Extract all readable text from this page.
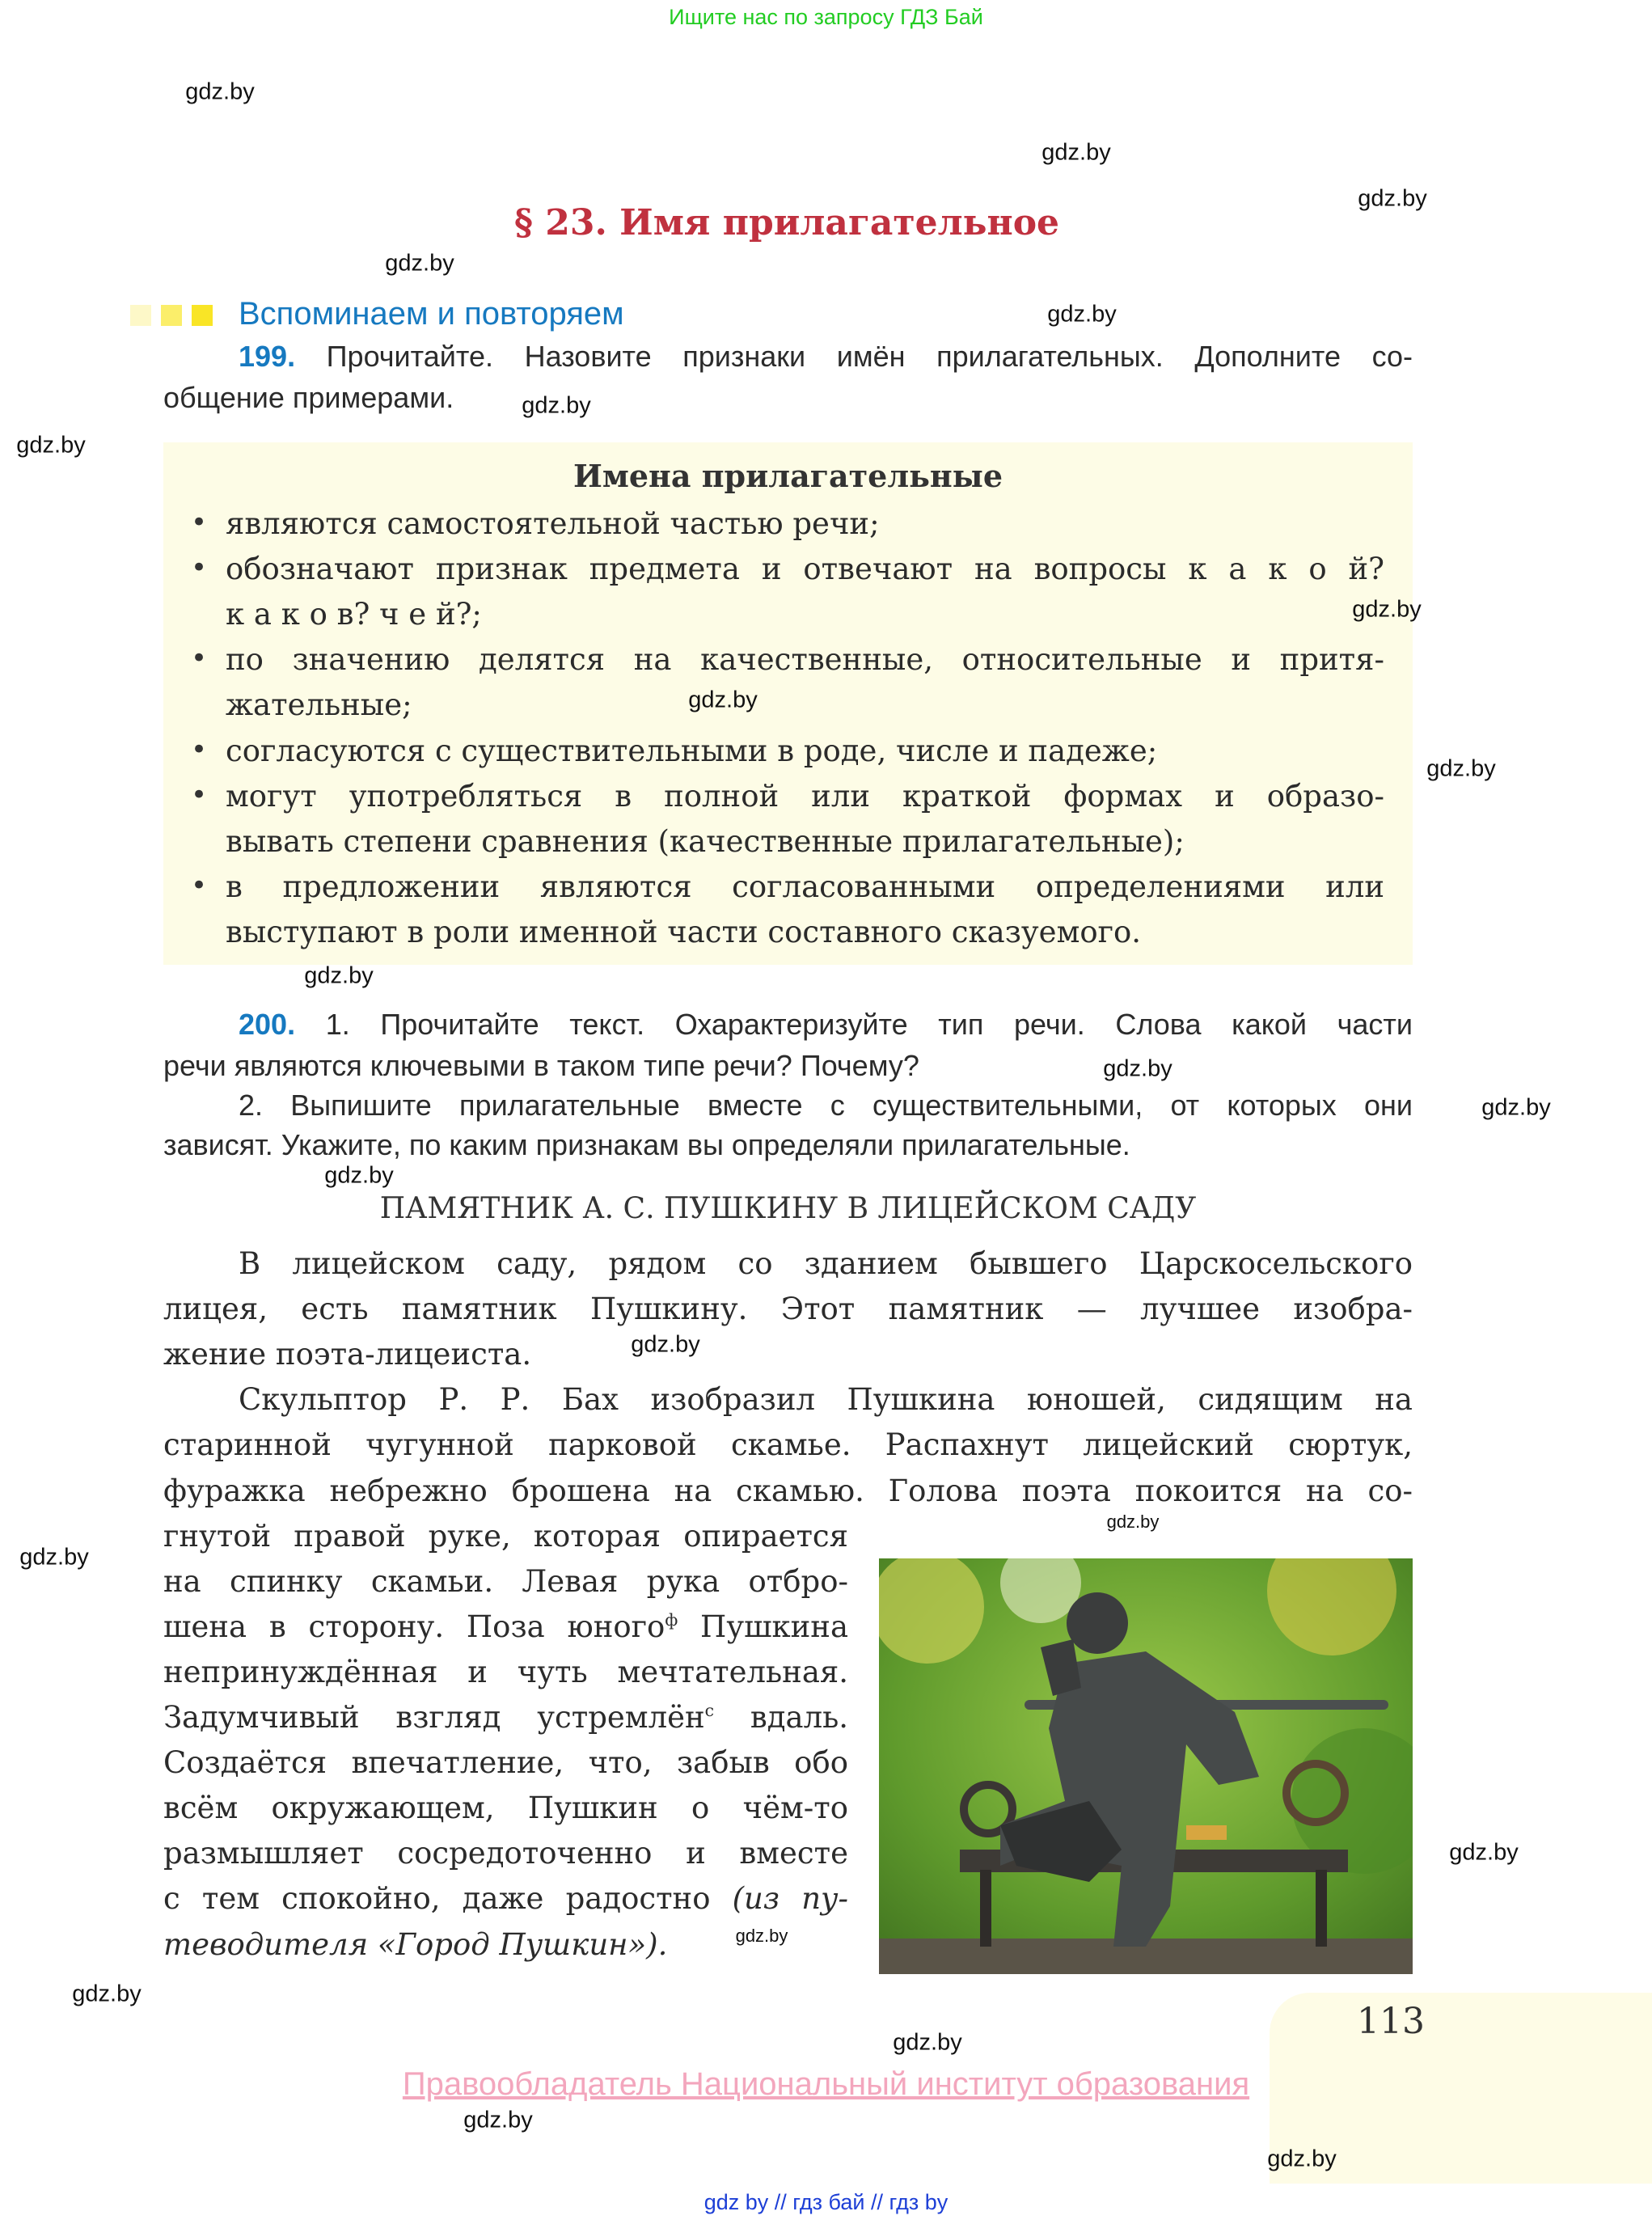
Ищите нас по запросу ГДЗ Бай
§ 23. Имя прилагательное
Вспоминаем и повторяем
199. Прочитайте. Назовите признаки имён прилагательных. Дополните со-
общение примерами.
Имена прилагательные
• являются самостоятельной частью речи;
• обозначают признак предмета и отвечают на вопросы к а к о й?
к а к о в? ч е й?;
• по значению делятся на качественные, относительные и притя-
жательные;
• согласуются с существительными в роде, числе и падеже;
• могут употребляться в полной или краткой формах и образо-
вывать степени сравнения (качественные прилагательные);
• в предложении являются согласованными определениями или
выступают в роли именной части составного сказуемого.
200. 1. Прочитайте текст. Охарактеризуйте тип речи. Слова какой части
речи являются ключевыми в таком типе речи? Почему?
2. Выпишите прилагательные вместе с существительными, от которых они
зависят. Укажите, по каким признакам вы определяли прилагательные.
ПАМЯТНИК А. С. ПУШКИНУ В ЛИЦЕЙСКОМ САДУ
В лицейском саду, рядом со зданием бывшего Царскосельского
лицея, есть памятник Пушкину. Этот памятник — лучшее изобра-
жение поэта-лицеиста.
Скульптор Р. Р. Бах изобразил Пушкина юношей, сидящим на
старинной чугунной парковой скамье. Распахнут лицейский сюртук,
фуражка небрежно брошена на скамью. Голова поэта покоится на со-
гнутой правой руке, которая опирается
на спинку скамьи. Левая рука отбро-
шена в сторону. Поза юного$^ф$ Пушкина
непринуждённая и чуть мечтательная.
Задумчивый взгляд устремлён$^с$ вдаль.
Создаётся впечатление, что, забыв обо
всём окружающем, Пушкин о чём-то
размышляет сосредоточенно и вместе
с тем спокойно, даже радостно (из пу-
теводителя «Город Пушкин»).
113
Правообладатель Национальный институт образования
gdz by // гдз бай // гдз by
gdz.by
gdz.by
gdz.by
gdz.by
gdz.by
gdz.by
gdz.by
gdz.by
gdz.by
gdz.by
gdz.by
gdz.by
gdz.by
gdz.by
gdz.by
gdz.by
gdz.by
gdz.by
gdz.by
gdz.by
gdz.by
gdz.by
gdz.by
